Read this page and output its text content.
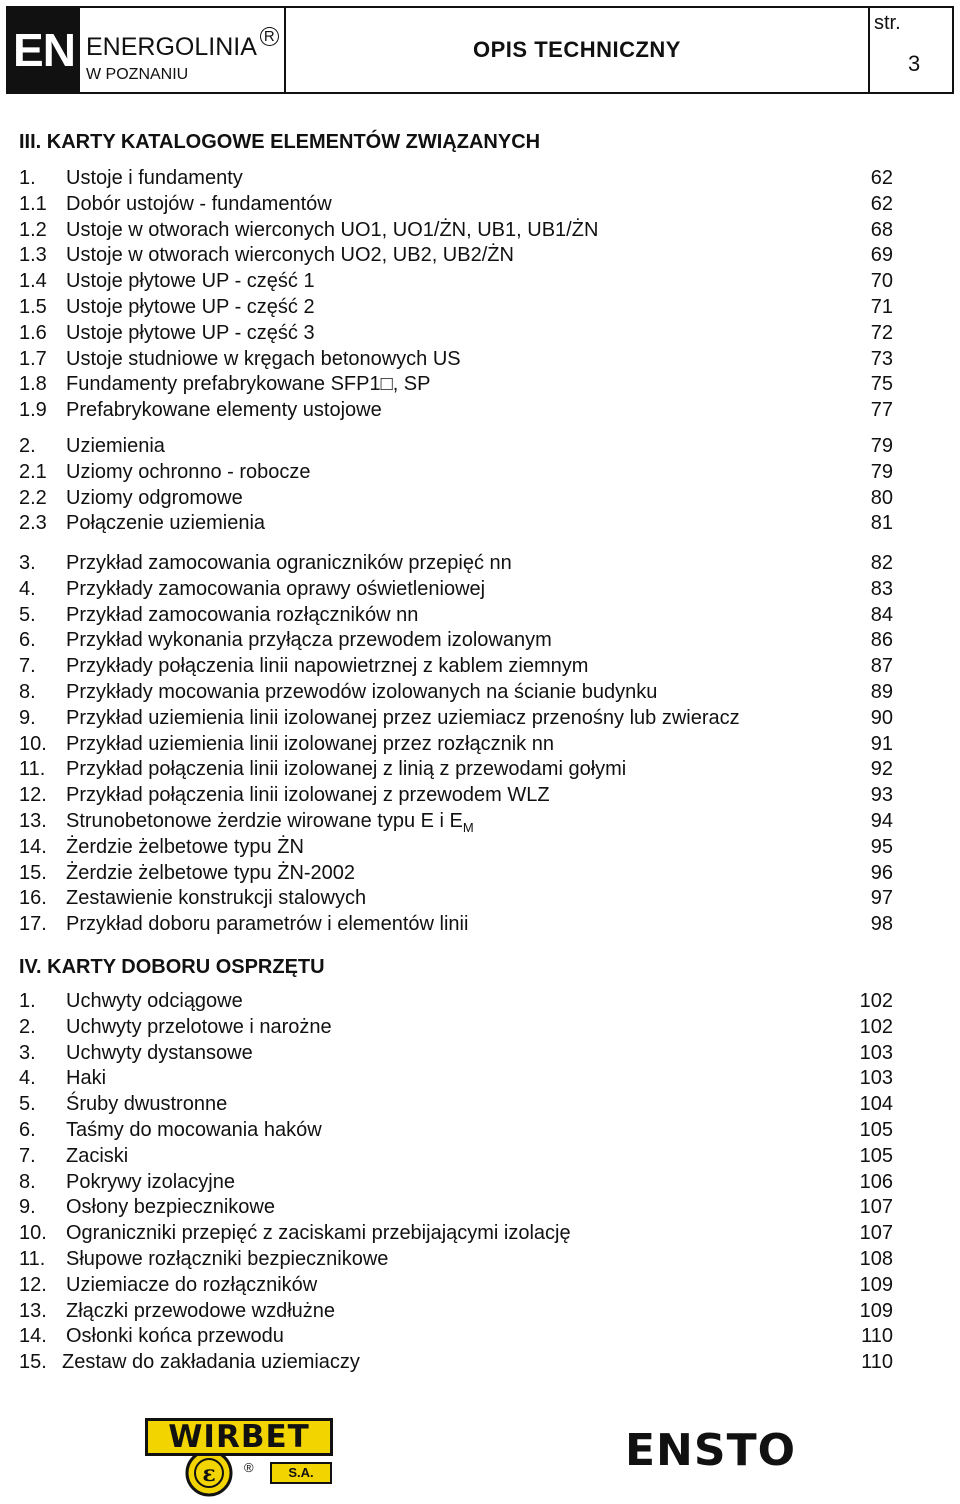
EN ENERGOLINIA $^R$
W POZNANIU
OPIS TECHNICZNY
str.
3
III. KARTY KATALOGOWE ELEMENTÓW ZWIĄZANYCH
1. Ustoje i fundamenty	62
1.1 Dobór ustojów - fundamentów	62
1.2 Ustoje w otworach wierconych UO1, UO1/ŻN, UB1, UB1/ŻN	68
1.3 Ustoje w otworach wierconych UO2, UB2, UB2/ŻN	69
1.4 Ustoje płytowe UP - część 1	70
1.5 Ustoje płytowe UP - część 2	71
1.6 Ustoje płytowe UP - część 3	72
1.7 Ustoje studniowe w kręgach betonowych US	73
1.8 Fundamenty prefabrykowane SFP1□, SP	75
1.9 Prefabrykowane elementy ustojowe	77
2. Uziemienia	79
2.1 Uziomy ochronno - robocze	79
2.2 Uziomy odgromowe	80
2.3 Połączenie uziemienia	81
3. Przykład zamocowania ograniczników przepięć nn	82
4. Przykłady zamocowania oprawy oświetleniowej	83
5. Przykład zamocowania rozłączników nn	84
6. Przykład wykonania przyłącza przewodem izolowanym	86
7. Przykłady połączenia linii napowietrznej z kablem ziemnym	87
8. Przykłady mocowania przewodów izolowanych na ścianie budynku	89
9. Przykład uziemienia linii izolowanej przez uziemiacz przenośny lub zwieracz	90
10. Przykład uziemienia linii izolowanej przez rozłącznik nn	91
11. Przykład połączenia linii izolowanej z linią z przewodami gołymi	92
12. Przykład połączenia linii izolowanej z przewodem WLZ	93
13. Strunobetonowe żerdzie wirowane typu E i $E_M$	94
14. Żerdzie żelbetowe typu ŻN	95
15. Żerdzie żelbetowe typu ŻN-2002	96
16. Zestawienie konstrukcji stalowych	97
17. Przykład doboru parametrów i elementów linii	98
IV. KARTY DOBORU OSPRZĘTU
1. Uchwyty odciągowe	102
2. Uchwyty przelotowe i narożne	102
3. Uchwyty dystansowe	103
4. Haki	103
5. Śruby dwustronne	104
6. Taśmy do mocowania haków	105
7. Zaciski	105
8. Pokrywy izolacyjne	106
9. Osłony bezpiecznikowe	107
10. Ograniczniki przepięć z zaciskami przebijającymi izolację	107
11. Słupowe rozłączniki bezpiecznikowe	108
12. Uziemiacze do rozłączników	109
13. Złączki przewodowe wzdłużne	109
14. Osłonki końca przewodu	110
15. Zestaw do zakładania uziemiaczy	110
ε
WIRBET
®	S.A.	ENSTO
